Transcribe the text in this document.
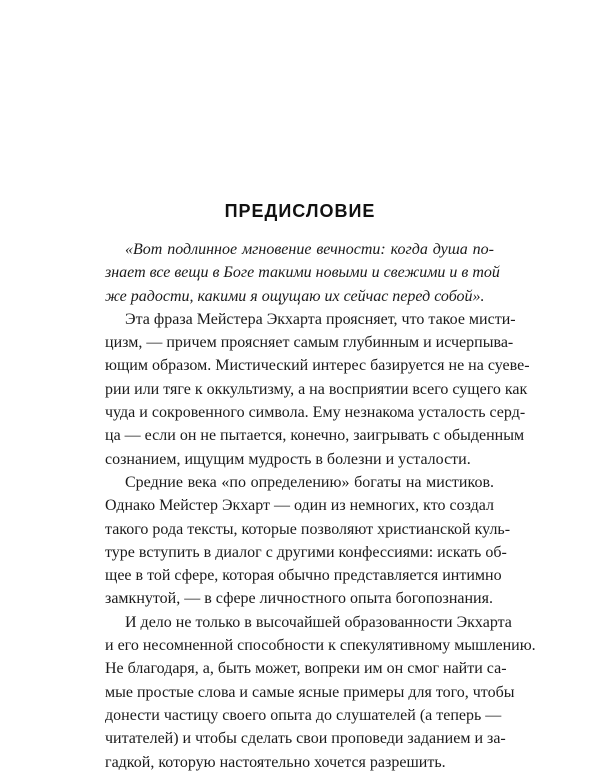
ПРЕДИСЛОВИЕ
«Вот подлинное мгновение вечности: когда душа по-
знает все вещи в Боге такими новыми и свежими и в той
же радости, какими я ощущаю их сейчас перед собой».
Эта фраза Мейстера Экхарта проясняет, что такое мисти-
цизм, — причем проясняет самым глубинным и исчерпыва-
ющим образом. Мистический интерес базируется не на суеве-
рии или тяге к оккультизму, а на восприятии всего сущего как
чуда и сокровенного символа. Ему незнакома усталость серд-
ца — если он не пытается, конечно, заигрывать с обыденным
сознанием, ищущим мудрость в болезни и усталости.
Средние века «по определению» богаты на мистиков.
Однако Мейстер Экхарт — один из немногих, кто создал
такого рода тексты, которые позволяют христианской куль-
туре вступить в диалог с другими конфессиями: искать об-
щее в той сфере, которая обычно представляется интимно
замкнутой, — в сфере личностного опыта богопознания.
И дело не только в высочайшей образованности Экхарта
и его несомненной способности к спекулятивному мышлению.
Не благодаря, а, быть может, вопреки им он смог найти са-
мые простые слова и самые ясные примеры для того, чтобы
донести частицу своего опыта до слушателей (а теперь —
читателей) и чтобы сделать свои проповеди заданием и за-
гадкой, которую настоятельно хочется разрешить.
